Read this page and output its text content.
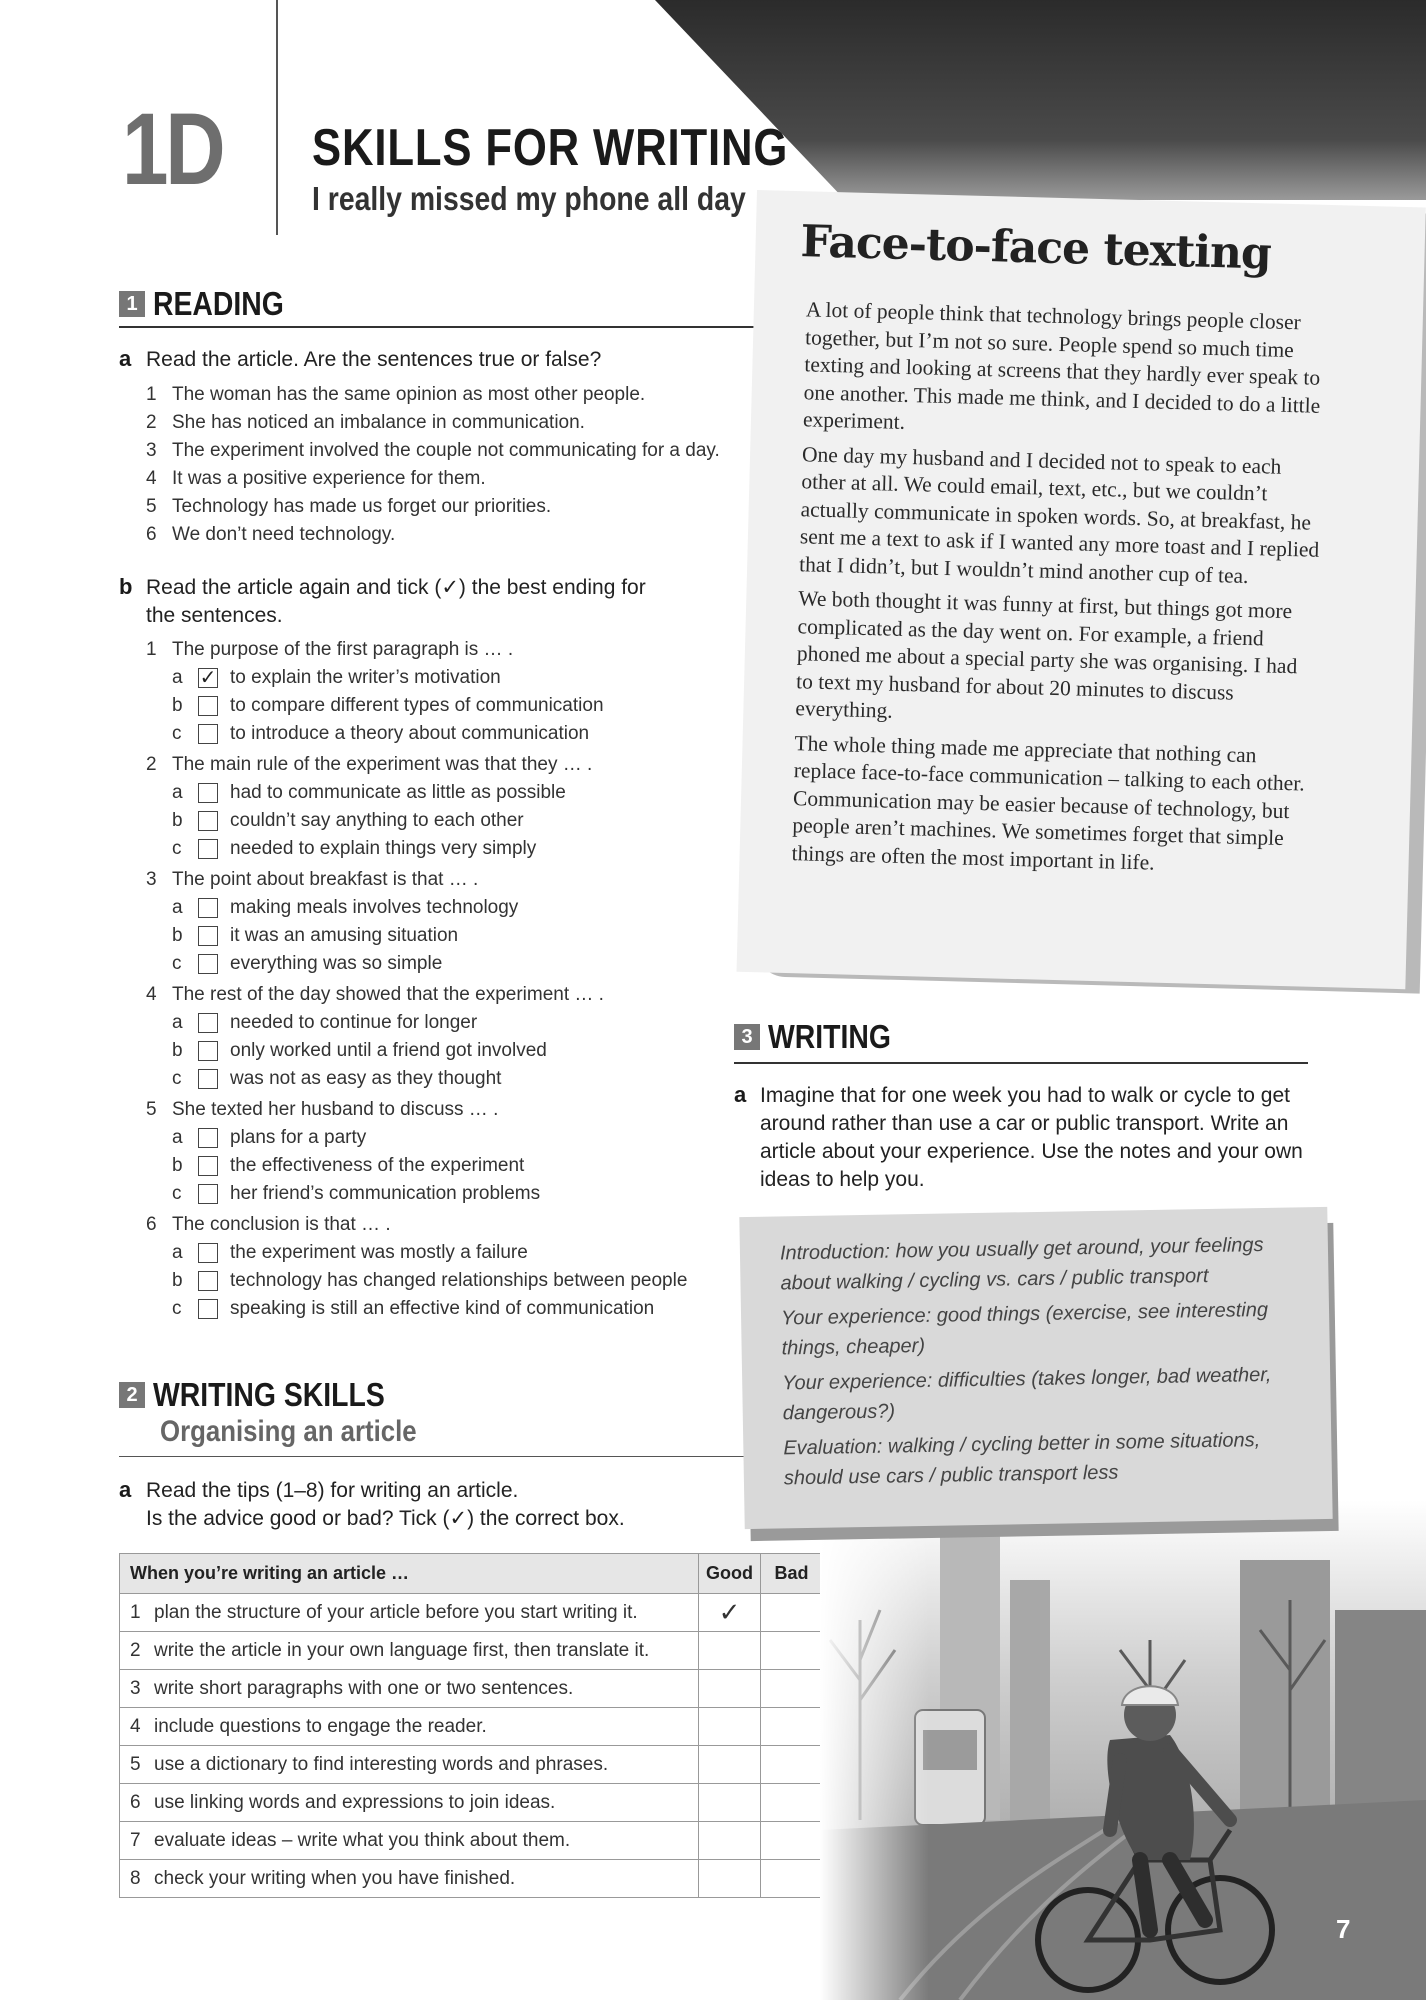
1D SKILLS FOR WRITING
I really missed my phone all day
1 READING
a Read the article. Are the sentences true or false?
1 The woman has the same opinion as most other people.
2 She has noticed an imbalance in communication.
3 The experiment involved the couple not communicating for a day.
4 It was a positive experience for them.
5 Technology has made us forget our priorities.
6 We don’t need technology.
b Read the article again and tick (✓) the best ending for
the sentences.
1 The purpose of the first paragraph is … .
a ✓ to explain the writer’s motivation
b	to compare different types of communication
c	to introduce a theory about communication
2 The main rule of the experiment was that they … .
a	had to communicate as little as possible
b	couldn’t say anything to each other
c	needed to explain things very simply
3 The point about breakfast is that … .
a	making meals involves technology
b	it was an amusing situation
c	everything was so simple
4 The rest of the day showed that the experiment … .
a	needed to continue for longer
b	only worked until a friend got involved
c	was not as easy as they thought
5 She texted her husband to discuss … .
a	plans for a party
b	the effectiveness of the experiment
c	her friend’s communication problems
6 The conclusion is that … .
a	the experiment was mostly a failure
b	technology has changed relationships between people
c	speaking is still an effective kind of communication
2 WRITING SKILLS
Organising an article
a Read the tips (1–8) for writing an article.
Is the advice good or bad? Tick (✓) the correct box.
When you’re writing an article …	Good	Bad
1 plan the structure of your article before you start writing it.	✓	
2 write the article in your own language first, then translate it.		
3 write short paragraphs with one or two sentences.		
4 include questions to engage the reader.		
5 use a dictionary to find interesting words and phrases.		
6 use linking words and expressions to join ideas.		
7 evaluate ideas – write what you think about them.		
8 check your writing when you have finished.		
Face-to-face texting

A lot of people think that technology brings people closer together, but I’m not so sure. People spend so much time texting and looking at screens that they hardly ever speak to one another. This made me think, and I decided to do a little experiment.

One day my husband and I decided not to speak to each other at all. We could email, text, etc., but we couldn’t actually communicate in spoken words. So, at breakfast, he sent me a text to ask if I wanted any more toast and I replied that I didn’t, but I wouldn’t mind another cup of tea.

We both thought it was funny at first, but things got more complicated as the day went on. For example, a friend phoned me about a special party she was organising. I had to text my husband for about 20 minutes to discuss everything.

The whole thing made me appreciate that nothing can replace face-to-face communication – talking to each other. Communication may be easier because of technology, but people aren’t machines. We sometimes forget that simple things are often the most important in life.

3 WRITING
a Imagine that for one week you had to walk or cycle to get around rather than use a car or public transport. Write an article about your experience. Use the notes and your own ideas to help you.

Introduction: how you usually get around, your feelings about walking / cycling vs. cars / public transport

Your experience: good things (exercise, see interesting things, cheaper)

Your experience: difficulties (takes longer, bad weather, dangerous?)

Evaluation: walking / cycling better in some situations, should use cars / public transport less

7
